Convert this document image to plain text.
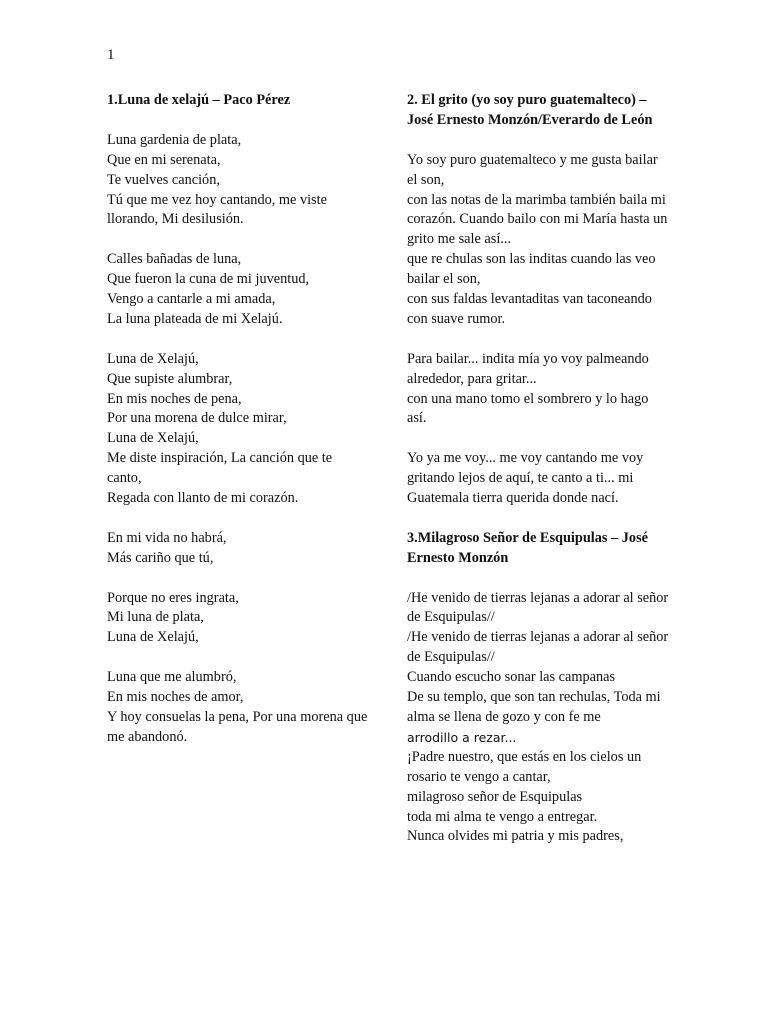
1
1.Luna de xelajú – Paco Pérez
Luna gardenia de plata,
Que en mi serenata,
Te vuelves canción,
Tú que me vez hoy cantando, me viste llorando, Mi desilusión.
Calles bañadas de luna,
Que fueron la cuna de mi juventud,
Vengo a cantarle a mi amada,
La luna plateada de mi Xelajú.
Luna de Xelajú,
Que supiste alumbrar,
En mis noches de pena,
Por una morena de dulce mirar,
Luna de Xelajú,
Me diste inspiración, La canción que te canto,
Regada con llanto de mi corazón.
En mi vida no habrá,
Más cariño que tú,
Porque no eres ingrata,
Mi luna de plata,
Luna de Xelajú,
Luna que me alumbró,
En mis noches de amor,
Y hoy consuelas la pena, Por una morena que me abandonó.
2. El grito (yo soy puro guatemalteco) – José Ernesto Monzón/Everardo de León
Yo soy puro guatemalteco y me gusta bailar el son,
con las notas de la marimba también baila mi corazón. Cuando bailo con mi María hasta un grito me sale así...
que re chulas son las inditas cuando las veo bailar el son,
con sus faldas levantaditas van taconeando con suave rumor.
Para bailar... indita mía yo voy palmeando alrededor, para gritar...
con una mano tomo el sombrero y lo hago así.
Yo ya me voy... me voy cantando me voy gritando lejos de aquí, te canto a ti... mi Guatemala tierra querida donde nací.
3.Milagroso Señor de Esquipulas – José Ernesto Monzón
/He venido de tierras lejanas a adorar al señor de Esquipulas//
/He venido de tierras lejanas a adorar al señor de Esquipulas//
Cuando escucho sonar las campanas
De su templo, que son tan rechulas, Toda mi alma se llena de gozo y con fe me
arrodillo a rezar...
¡Padre nuestro, que estás en los cielos un rosario te vengo a cantar,
milagroso señor de Esquipulas
toda mi alma te vengo a entregar.
Nunca olvides mi patria y mis padres,
